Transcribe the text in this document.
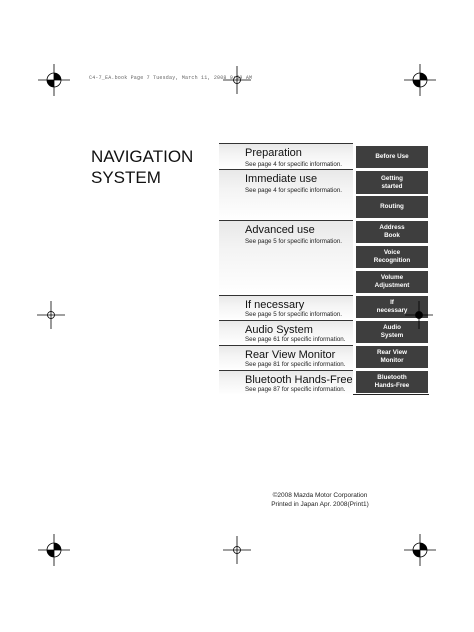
C4-7_EA.book Page 7 Tuesday, March 11, 2008 9:59 AM
NAVIGATION
SYSTEM
Preparation
See page 4 for specific information.
Before Use
Immediate use
See page 4 for specific information.
Getting
started
Routing
Advanced use
See page 5 for specific information.
Address
Book
Voice
Recognition
Volume
Adjustment
If necessary
See page 5 for specific information.
If
necessary
Audio System
See page 61 for specific information.
Audio
System
Rear View Monitor
See page 81 for specific information.
Rear View
Monitor
Bluetooth Hands-Free
See page 87 for specific information.
Bluetooth
Hands-Free
©2008 Mazda Motor Corporation
Printed in Japan Apr. 2008(Print1)
